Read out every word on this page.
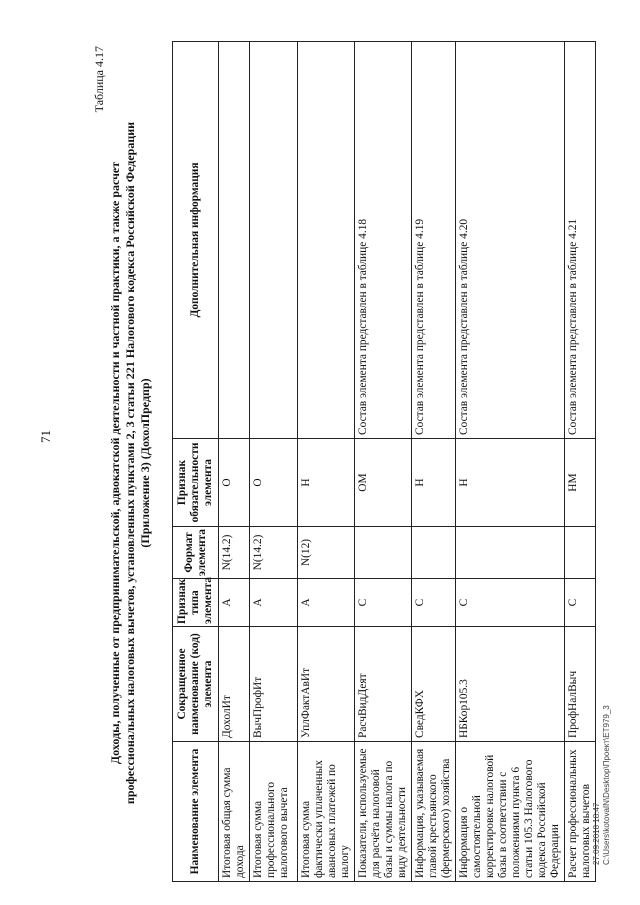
71
Таблица 4.17
Доходы, полученные от предпринимательской, адвокатской деятельности и частной практики, а также расчет профессиональных налоговых вычетов, установленных пунктами 2, 3 статьи 221 Налогового кодекса Российской Федерации (Приложение 3) (ДохолПредпр)
Наименование элемента	Сокращенное наименование (код) элемента	Признак типа элемента	Формат элемента	Признак обязательности элемента	Дополнительная информация
Итоговая общая сумма дохода	ДохолИт	А	N(14.2)	О	
Итоговая сумма профессионального налогового вычета	ВычПрофИт	А	N(14.2)	О	
Итоговая сумма фактически уплаченных авансовых платежей по налогу	УплФактАвИт	А	N(12)	Н	
Показатели, используемые для расчёта налоговой базы и суммы налога по виду деятельности	РасчВидДеят	С		ОМ	Состав элемента представлен в таблице 4.18
Информация, указываемая главой крестьянского (фермерского) хозяйства	СведКФХ	С		Н	Состав элемента представлен в таблице 4.19
Информация о самостоятельной корректировке налоговой базы в соответствии с положениями пункта 6 статьи 105.3 Налогового кодекса Российской Федерации	НБКор105.3	С		Н	Состав элемента представлен в таблице 4.20
Расчет профессиональных налоговых вычетов	ПрофНалВыч	С		НМ	Состав элемента представлен в таблице 4.21
27.09.2018 18:47 С:\Users\kotovaIN\Desktop\Проект\ЕТ979_3
